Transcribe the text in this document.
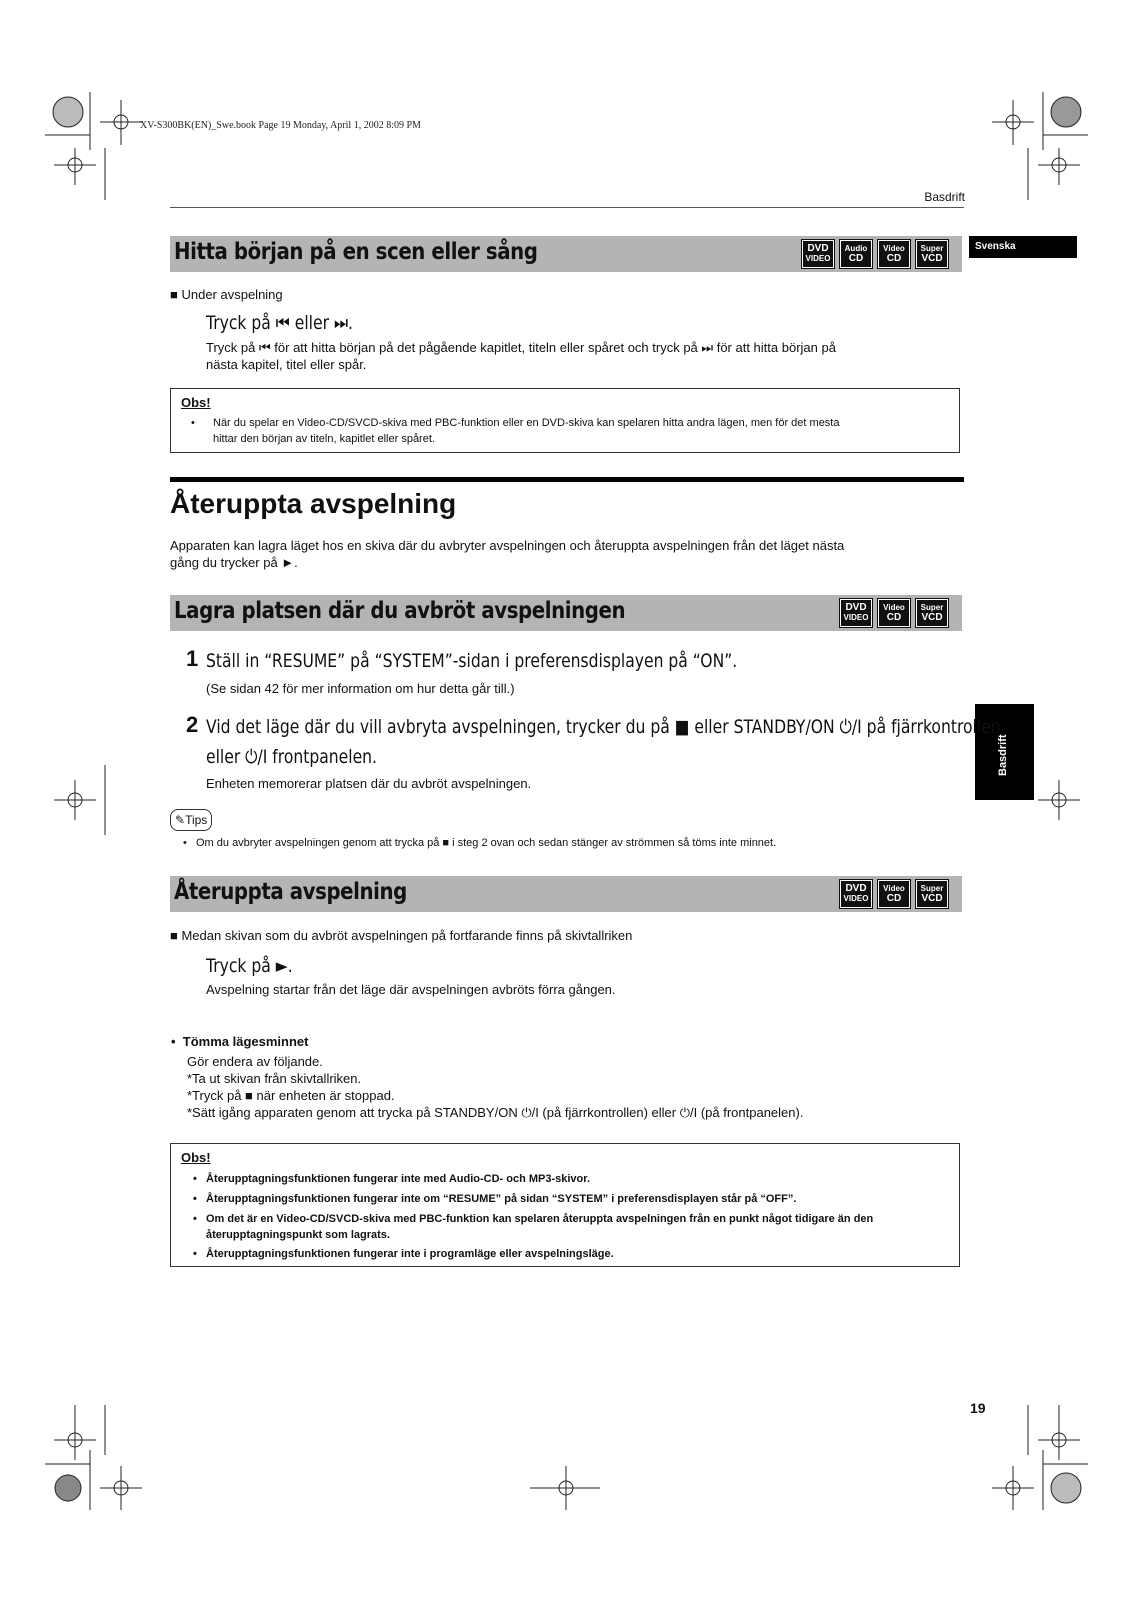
XV-S300BK(EN)_Swe.book Page 19 Monday, April 1, 2002 8:09 PM
Basdrift
Svenska
Basdrift
Hitta början på en scen eller sång	DVD
VIDEO
Audio
CD
Video
CD
Super
VCD
■ Under avspelning
Tryck på ⏮ eller ⏭.
Tryck på ⏮ för att hitta början på det pågående kapitlet, titeln eller spåret och tryck på ⏭ för att hitta början på
nästa kapitel, titel eller spår.
Obs!
• När du spelar en Video-CD/SVCD-skiva med PBC-funktion eller en DVD-skiva kan spelaren hitta andra lägen, men för det mesta
hittar den början av titeln, kapitlet eller spåret.
Återuppta avspelning
Apparaten kan lagra läget hos en skiva där du avbryter avspelningen och återuppta avspelningen från det läget nästa
gång du trycker på ►.
Lagra platsen där du avbröt avspelningen	DVD
VIDEO
Video
CD
Super
VCD
1 Ställ in “RESUME” på “SYSTEM”-sidan i preferensdisplayen på “ON”.
(Se sidan 42 för mer information om hur detta går till.)
2 Vid det läge där du vill avbryta avspelningen, trycker du på ■ eller STANDBY/ON ⏻/I på fjärrkontrollen
eller ⏻/I frontpanelen.
Enheten memorerar platsen där du avbröt avspelningen.
✎Tips
• Om du avbryter avspelningen genom att trycka på ■ i steg 2 ovan och sedan stänger av strömmen så töms inte minnet.
Återuppta avspelning	DVD
VIDEO
Video
CD
Super
VCD
■ Medan skivan som du avbröt avspelningen på fortfarande finns på skivtallriken
Tryck på ►.
Avspelning startar från det läge där avspelningen avbröts förra gången.
•  Tömma lägesminnet
Gör endera av följande.
*Ta ut skivan från skivtallriken.
*Tryck på ■ när enheten är stoppad.
*Sätt igång apparaten genom att trycka på STANDBY/ON ⏻/I (på fjärrkontrollen) eller ⏻/I (på frontpanelen).
Obs!
• Återupptagningsfunktionen fungerar inte med Audio-CD- och MP3-skivor.
• Återupptagningsfunktionen fungerar inte om “RESUME” på sidan “SYSTEM” i preferensdisplayen står på “OFF”.
• Om det är en Video-CD/SVCD-skiva med PBC-funktion kan spelaren återuppta avspelningen från en punkt något tidigare än den
återupptagningspunkt som lagrats.
• Återupptagningsfunktionen fungerar inte i programläge eller avspelningsläge.
19
